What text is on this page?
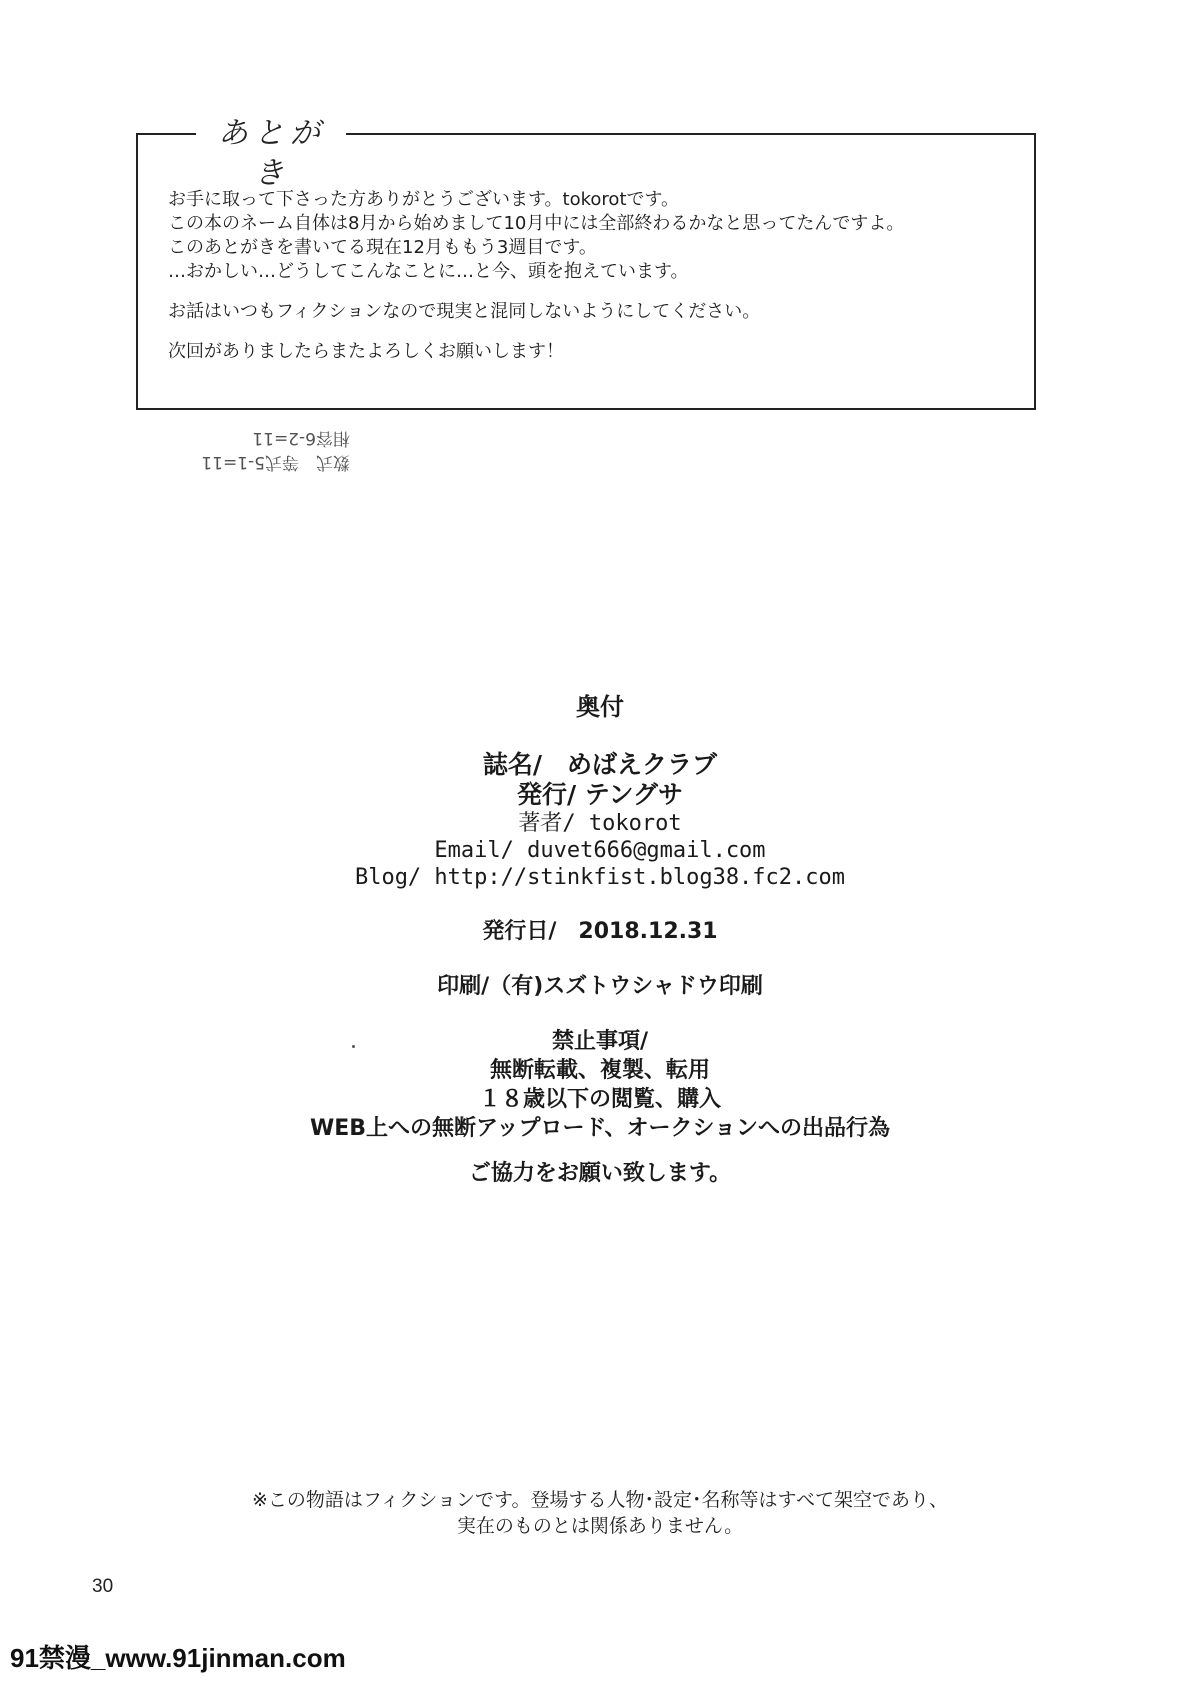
あとがき

お手に取って下さった方ありがとうございます。tokorotです。

この本のネーム自体は8月から始めまして10月中には全部終わるかなと思ってたんですよ。

このあとがきを書いてる現在12月ももう3週目です。

…おかしい…どうしてこんなことに…と今、頭を抱えています。

お話はいつもフィクションなので現実と混同しないようにしてください。

次回がありましたらまたよろしくお願いします！

数式　等式5-1=11
相容6-2=11
奥付
誌名/　めばえクラブ
発行/ テングサ
著者/ tokorot
Email/ duvet666@gmail.com
Blog/ http://stinkfist.blog38.fc2.com
発行日/　2018.12.31
印刷/（有)スズトウシャドウ印刷
禁止事項/
無断転載、複製、転用
１８歳以下の閲覧、購入
WEB上への無断アップロード、オークションへの出品行為
ご協力をお願い致します。
※この物語はフィクションです。登場する人物･設定･名称等はすべて架空であり、
実在のものとは関係ありません。
30
91禁漫_www.91jinman.com
